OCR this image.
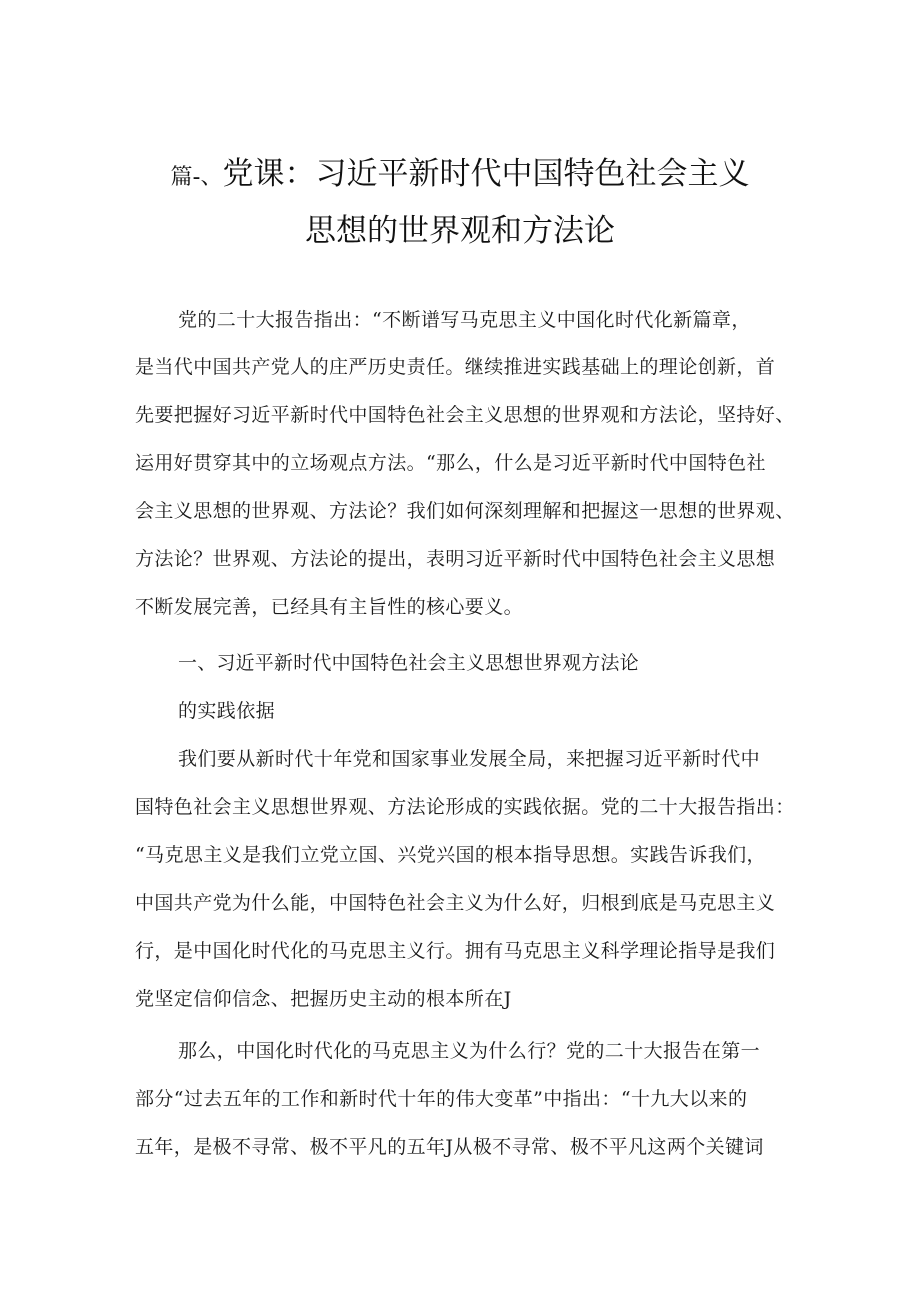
篇-、党课：习近平新时代中国特色社会主义
思想的世界观和方法论

党的二十大报告指出：“不断谱写马克思主义中国化时代化新篇章，

是当代中国共产党人的庄严历史责任。继续推进实践基础上的理论创新，首

先要把握好习近平新时代中国特色社会主义思想的世界观和方法论，坚持好、

运用好贯穿其中的立场观点方法。“那么，什么是习近平新时代中国特色社

会主义思想的世界观、方法论？我们如何深刻理解和把握这一思想的世界观、

方法论？世界观、方法论的提出，表明习近平新时代中国特色社会主义思想

不断发展完善，已经具有主旨性的核心要义。

一、习近平新时代中国特色社会主义思想世界观方法论

的实践依据

我们要从新时代十年党和国家事业发展全局，来把握习近平新时代中

国特色社会主义思想世界观、方法论形成的实践依据。党的二十大报告指出：

“马克思主义是我们立党立国、兴党兴国的根本指导思想。实践告诉我们，

中国共产党为什么能，中国特色社会主义为什么好，归根到底是马克思主义

行，是中国化时代化的马克思主义行。拥有马克思主义科学理论指导是我们

党坚定信仰信念、把握历史主动的根本所在J

那么，中国化时代化的马克思主义为什么行？党的二十大报告在第一

部分“过去五年的工作和新时代十年的伟大变革”中指出：“十九大以来的

五年，是极不寻常、极不平凡的五年J从极不寻常、极不平凡这两个关键词
